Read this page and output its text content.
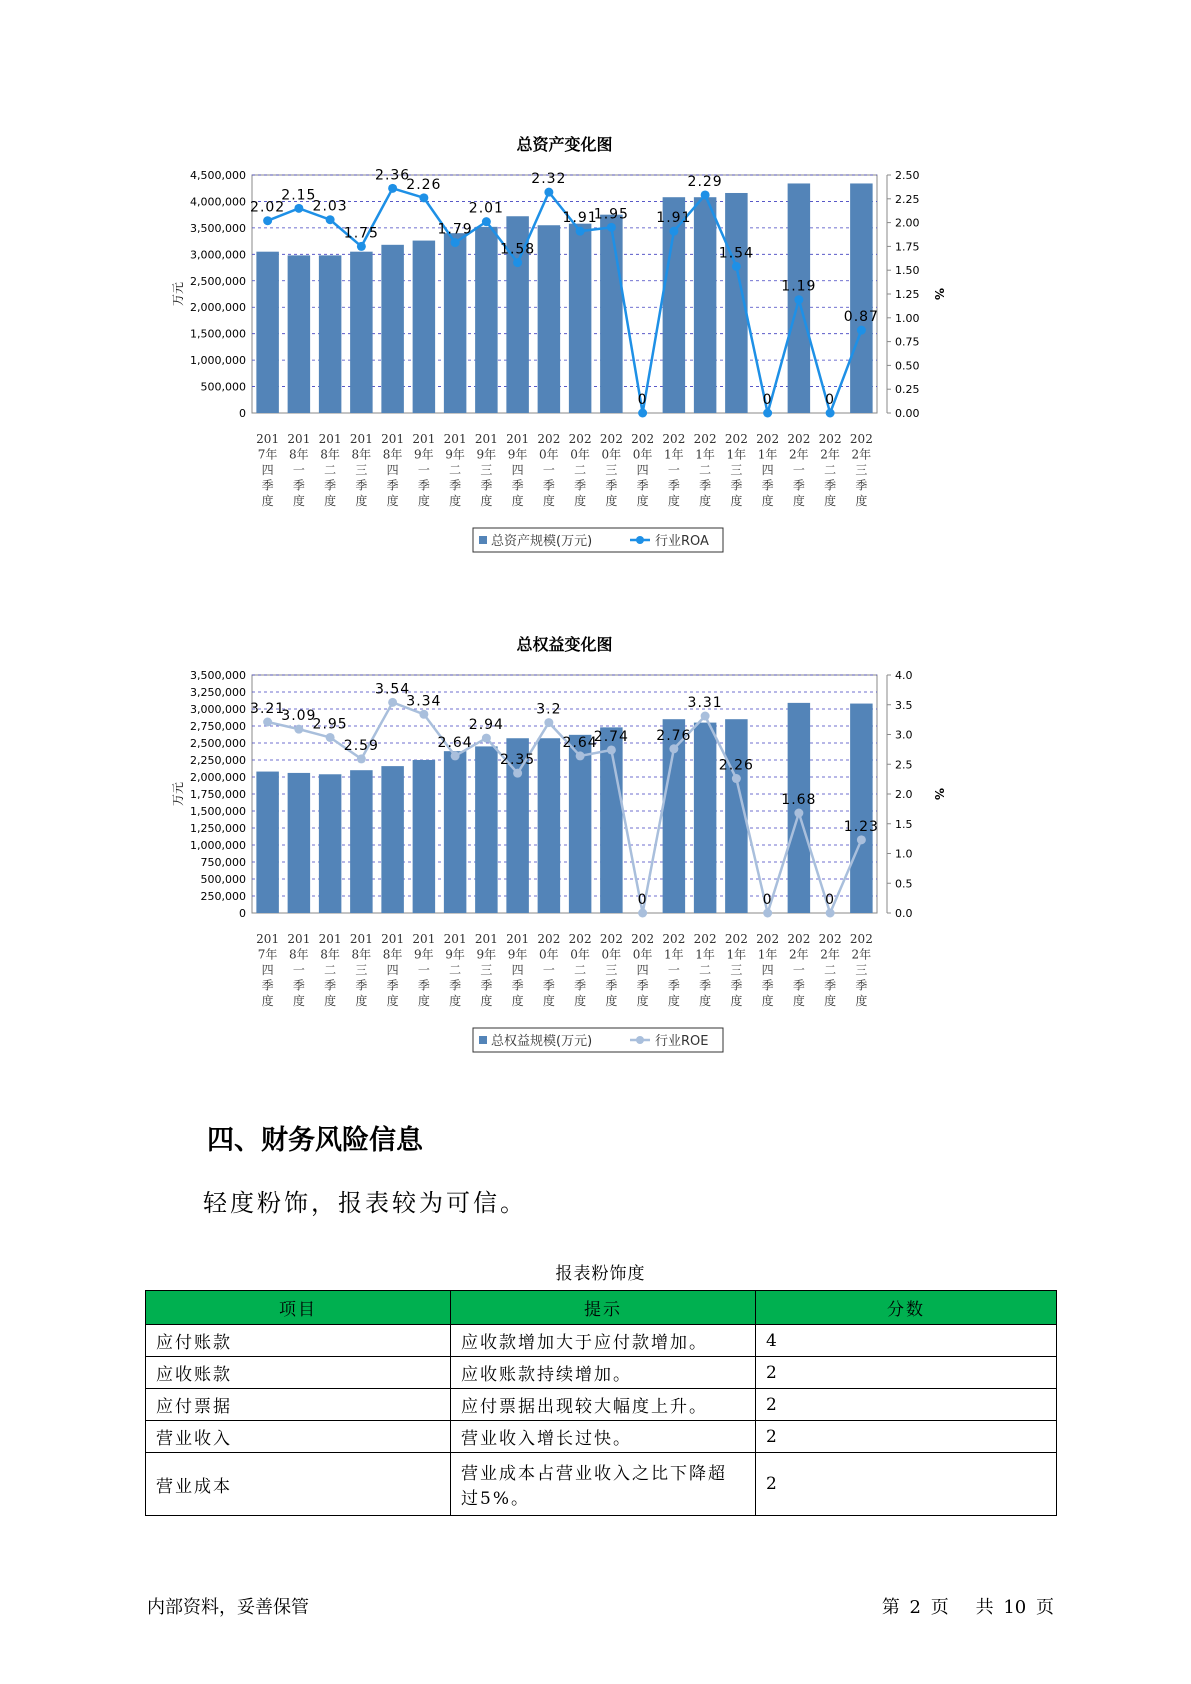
总资产变化图
0
500,000
1,000,000
1,500,000
2,000,000
2,500,000
3,000,000
3,500,000
4,000,000
4,500,000
0.00
0.25
0.50
0.75
1.00
1.25
1.50
1.75
2.00
2.25
2.50
万元	%
201 7年四季度
201 8年一季度
201 8年二季度
201 8年三季度
201 8年四季度
201 9年一季度
201 9年二季度
201 9年三季度
201 9年四季度
202 0年一季度
202 0年二季度
202 0年三季度
202 0年四季度
202 1年一季度
202 1年二季度
202 1年三季度
202 1年四季度
202 2年一季度
202 2年二季度
202 2年三季度
2.02
2.15
2.03
1.75
2.36
2.26
1.79
2.01
1.58
2.32
1.91
1.95
0
1.91
2.29
1.54
0
1.19
0
0.87
总资产规模(万元)	行业ROA
总权益变化图
0
250,000
500,000
750,000
1,000,000
1,250,000
1,500,000
1,750,000
2,000,000
2,250,000
2,500,000
2,750,000
3,000,000
3,250,000
3,500,000
0.0
0.5
1.0
1.5
2.0
2.5
3.0
3.5
4.0
万元	%
201 7年四季度
201 8年一季度
201 8年二季度
201 8年三季度
201 8年四季度
201 9年一季度
201 9年二季度
201 9年三季度
201 9年四季度
202 0年一季度
202 0年二季度
202 0年三季度
202 0年四季度
202 1年一季度
202 1年二季度
202 1年三季度
202 1年四季度
202 2年一季度
202 2年二季度
202 2年三季度
3.21
3.09
2.95
2.59
3.54
3.34
2.64
2.94
2.35
3.2
2.64
2.74
0
2.76
3.31
2.26
0
1.68
0
1.23
总权益规模(万元)	行业ROE
四、财务风险信息
轻度粉饰，报表较为可信。
报表粉饰度
项目	提示	分数
应付账款	应收款增加大于应付款增加。	4
应收账款	应收账款持续增加。	2
应付票据	应付票据出现较大幅度上升。	2
营业收入	营业收入增长过快。	2
营业成本	营业成本占营业收入之比下降超过5%。	2
内部资料，妥善保管	第 2 页 共 10 页
